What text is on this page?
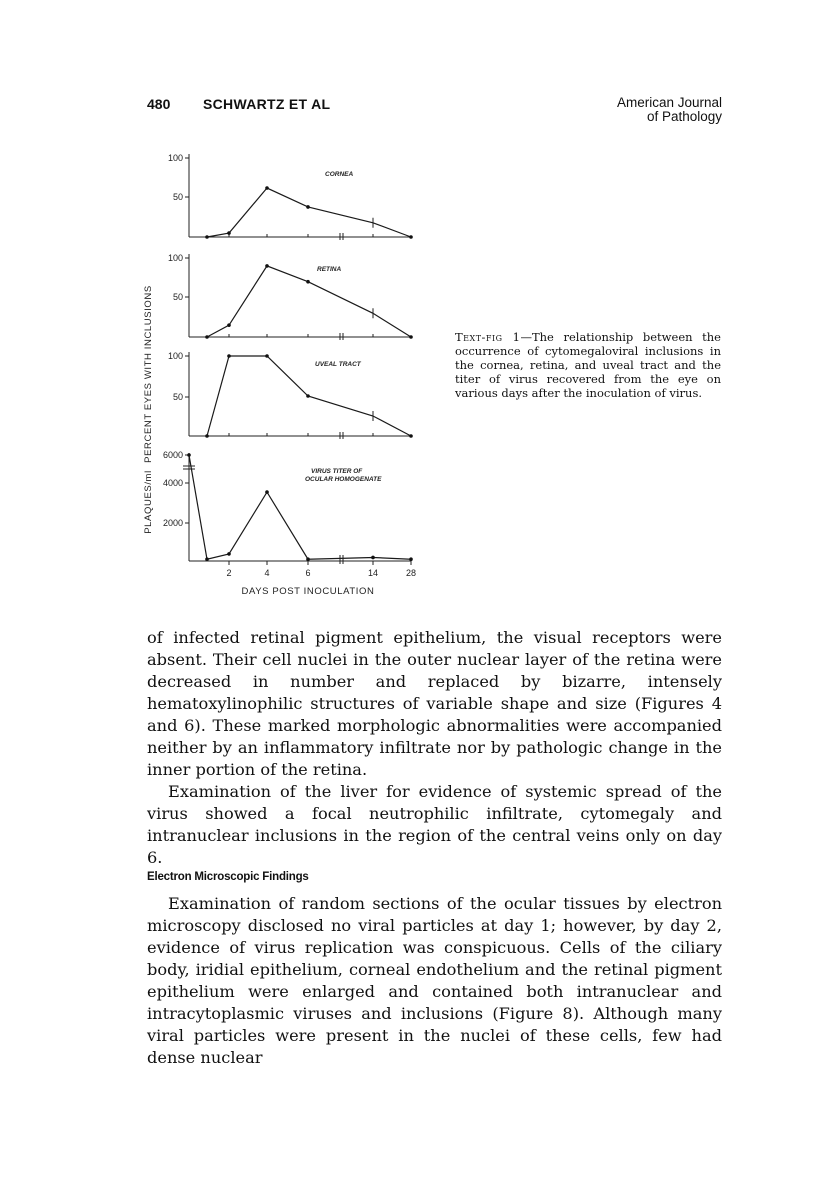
480 SCHWARTZ ET AL	American Journal
of Pathology
100
50
CORNEA
100
50
RETINA
100
50
UVEAL TRACT
6000
4000
2000
2	4	6	14	28
VIRUS TITER OF
OCULAR HOMOGENATE
PERCENT EYES WITH INCLUSIONS
PLAQUES/ml
DAYS POST INOCULATION
Text-fig 1—The relationship between the occurrence of cytomegaloviral inclusions in the cornea, retina, and uveal tract and the titer of virus recovered from the eye on various days after the inoculation of virus.

of infected retinal pigment epithelium, the visual receptors were absent. Their cell nuclei in the outer nuclear layer of the retina were decreased in number and replaced by bizarre, intensely hematoxylinophilic structures of variable shape and size (Figures 4 and 6). These marked morphologic abnormalities were accompanied neither by an inflammatory infiltrate nor by pathologic change in the inner portion of the retina.

Examination of the liver for evidence of systemic spread of the virus showed a focal neutrophilic infiltrate, cytomegaly and intranuclear inclusions in the region of the central veins only on day 6.

Electron Microscopic Findings

Examination of random sections of the ocular tissues by electron microscopy disclosed no viral particles at day 1; however, by day 2, evidence of virus replication was conspicuous. Cells of the ciliary body, iridial epithelium, corneal endothelium and the retinal pigment epithelium were enlarged and contained both intranuclear and intracytoplasmic viruses and inclusions (Figure 8). Although many viral particles were present in the nuclei of these cells, few had dense nuclear
